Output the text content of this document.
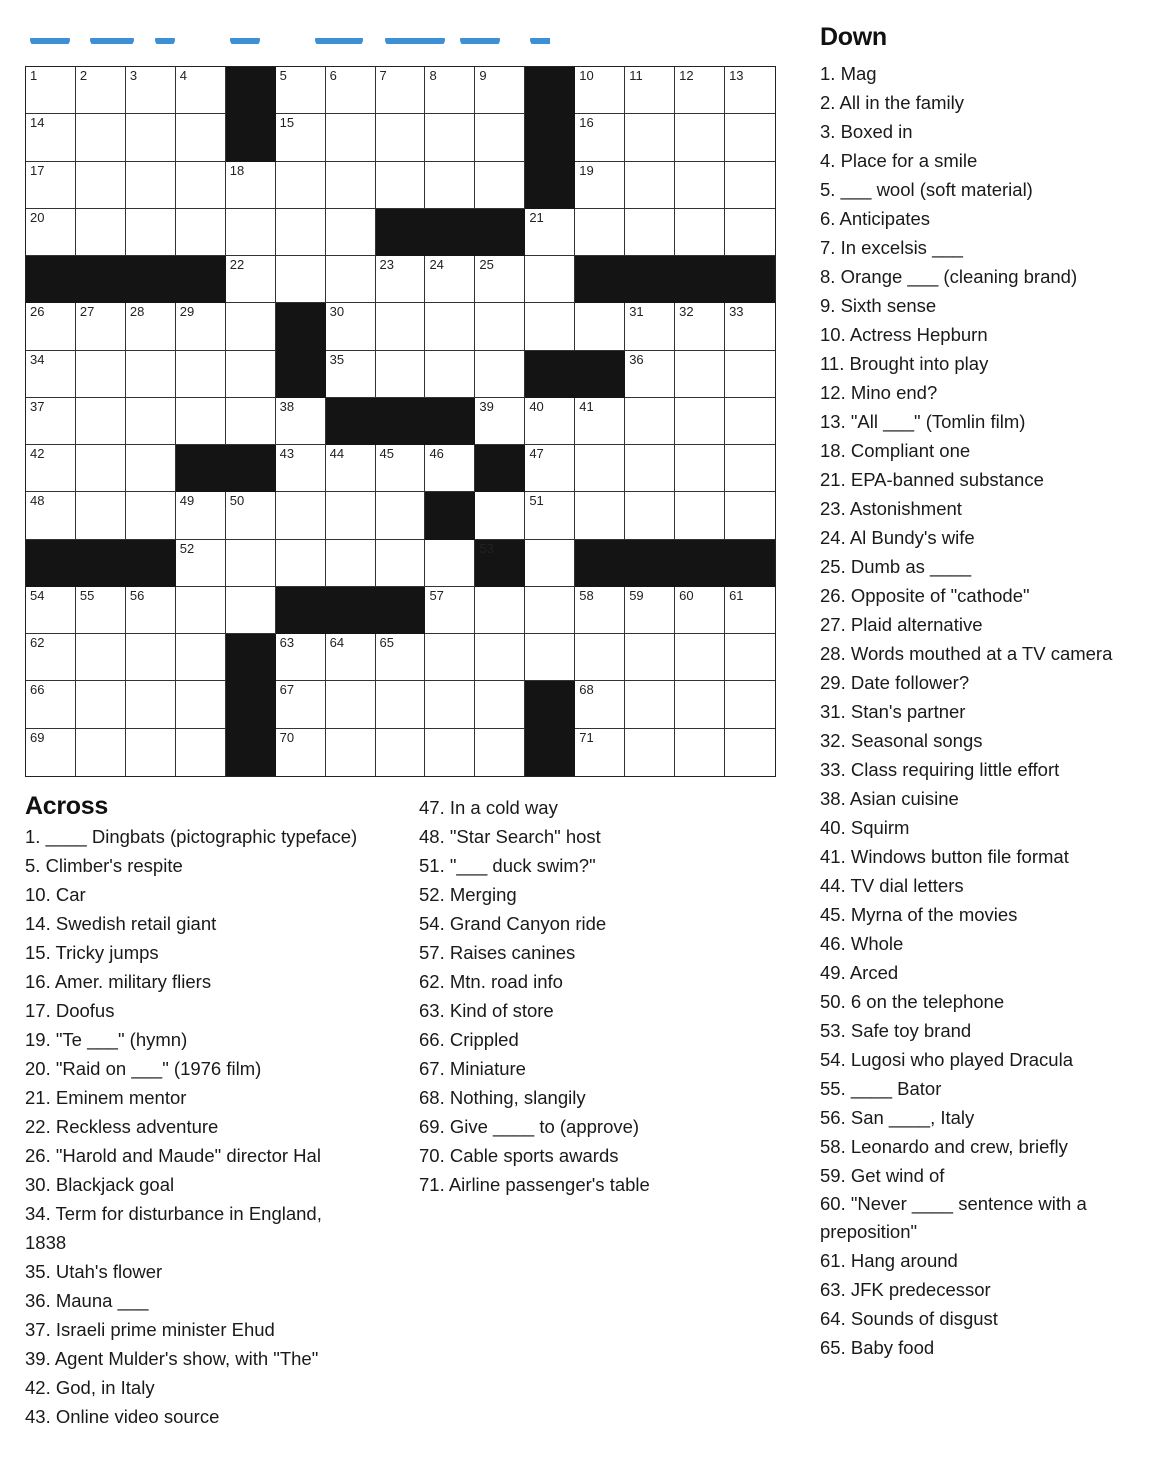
1	2	3	4	5	6	7	8	9	10	11	12	13
14	15	16
17	18	19
20	21
22	23	24	25
26	27	28	29	30	31	32	33
34	35	36
37	38	39	40	41
42	43	44	45	46	47
48	49	50	51
52	53
54	55	56	57	58	59	60	61
62	63	64	65
66	67	68
69	70	71
Across
1. ____ Dingbats (pictographic typeface)
5. Climber's respite
10. Car
14. Swedish retail giant
15. Tricky jumps
16. Amer. military fliers
17. Doofus
19. "Te ___" (hymn)
20. "Raid on ___" (1976 film)
21. Eminem mentor
22. Reckless adventure
26. "Harold and Maude" director Hal
30. Blackjack goal
34. Term for disturbance in England,
1838
35. Utah's flower
36. Mauna ___
37. Israeli prime minister Ehud
39. Agent Mulder's show, with "The"
42. God, in Italy
43. Online video source
47. In a cold way
48. "Star Search" host
51. "___ duck swim?"
52. Merging
54. Grand Canyon ride
57. Raises canines
62. Mtn. road info
63. Kind of store
66. Crippled
67. Miniature
68. Nothing, slangily
69. Give ____ to (approve)
70. Cable sports awards
71. Airline passenger's table
Down
1. Mag
2. All in the family
3. Boxed in
4. Place for a smile
5. ___ wool (soft material)
6. Anticipates
7. In excelsis ___
8. Orange ___ (cleaning brand)
9. Sixth sense
10. Actress Hepburn
11. Brought into play
12. Mino end?
13. "All ___" (Tomlin film)
18. Compliant one
21. EPA-banned substance
23. Astonishment
24. Al Bundy's wife
25. Dumb as ____
26. Opposite of "cathode"
27. Plaid alternative
28. Words mouthed at a TV camera
29. Date follower?
31. Stan's partner
32. Seasonal songs
33. Class requiring little effort
38. Asian cuisine
40. Squirm
41. Windows button file format
44. TV dial letters
45. Myrna of the movies
46. Whole
49. Arced
50. 6 on the telephone
53. Safe toy brand
54. Lugosi who played Dracula
55. ____ Bator
56. San ____, Italy
58. Leonardo and crew, briefly
59. Get wind of
60. "Never ____ sentence with a preposition"
61. Hang around
63. JFK predecessor
64. Sounds of disgust
65. Baby food
